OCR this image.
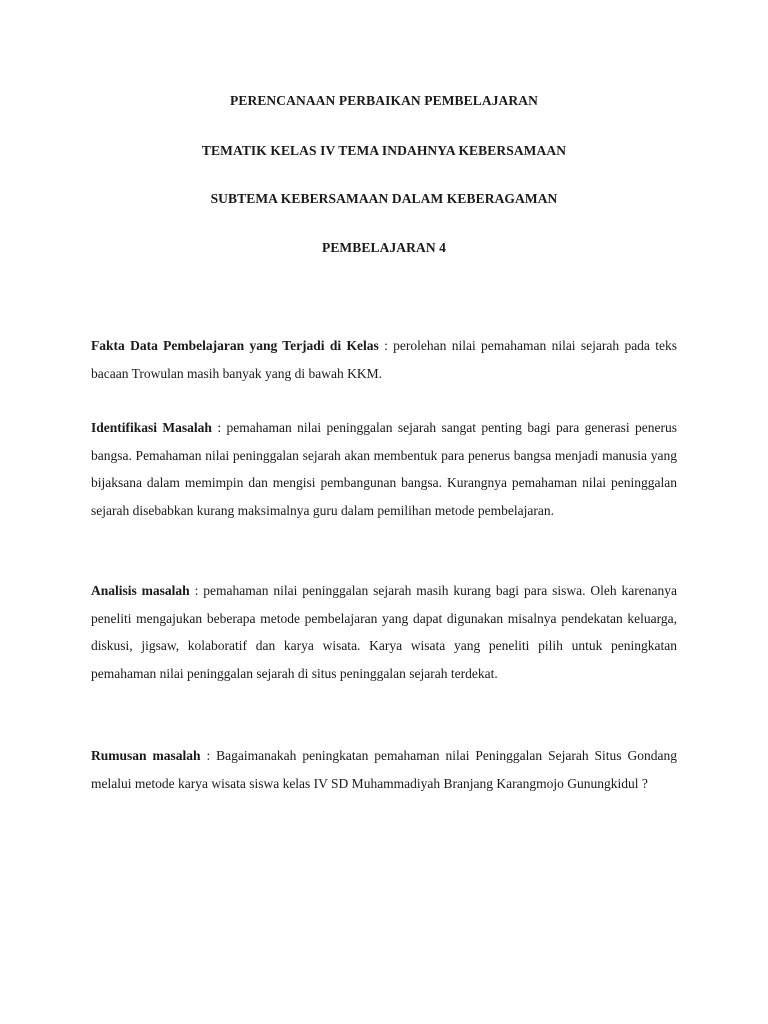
PERENCANAAN PERBAIKAN PEMBELAJARAN
TEMATIK KELAS IV TEMA INDAHNYA KEBERSAMAAN
SUBTEMA KEBERSAMAAN DALAM KEBERAGAMAN
PEMBELAJARAN 4

Fakta Data Pembelajaran yang Terjadi di Kelas : perolehan nilai pemahaman nilai sejarah pada teks bacaan Trowulan masih banyak yang di bawah KKM.

Identifikasi Masalah : pemahaman nilai peninggalan sejarah sangat penting bagi para generasi penerus bangsa. Pemahaman nilai peninggalan sejarah akan membentuk para penerus bangsa menjadi manusia yang bijaksana dalam memimpin dan mengisi pembangunan bangsa. Kurangnya pemahaman nilai peninggalan sejarah disebabkan kurang maksimalnya guru dalam pemilihan metode pembelajaran.

Analisis masalah : pemahaman nilai peninggalan sejarah masih kurang bagi para siswa. Oleh karenanya peneliti mengajukan beberapa metode pembelajaran yang dapat digunakan misalnya pendekatan keluarga, diskusi, jigsaw, kolaboratif dan karya wisata. Karya wisata yang peneliti pilih untuk peningkatan pemahaman nilai peninggalan sejarah di situs peninggalan sejarah terdekat.

Rumusan masalah : Bagaimanakah peningkatan pemahaman nilai Peninggalan Sejarah Situs Gondang melalui metode karya wisata siswa kelas IV SD Muhammadiyah Branjang Karangmojo Gunungkidul ?
